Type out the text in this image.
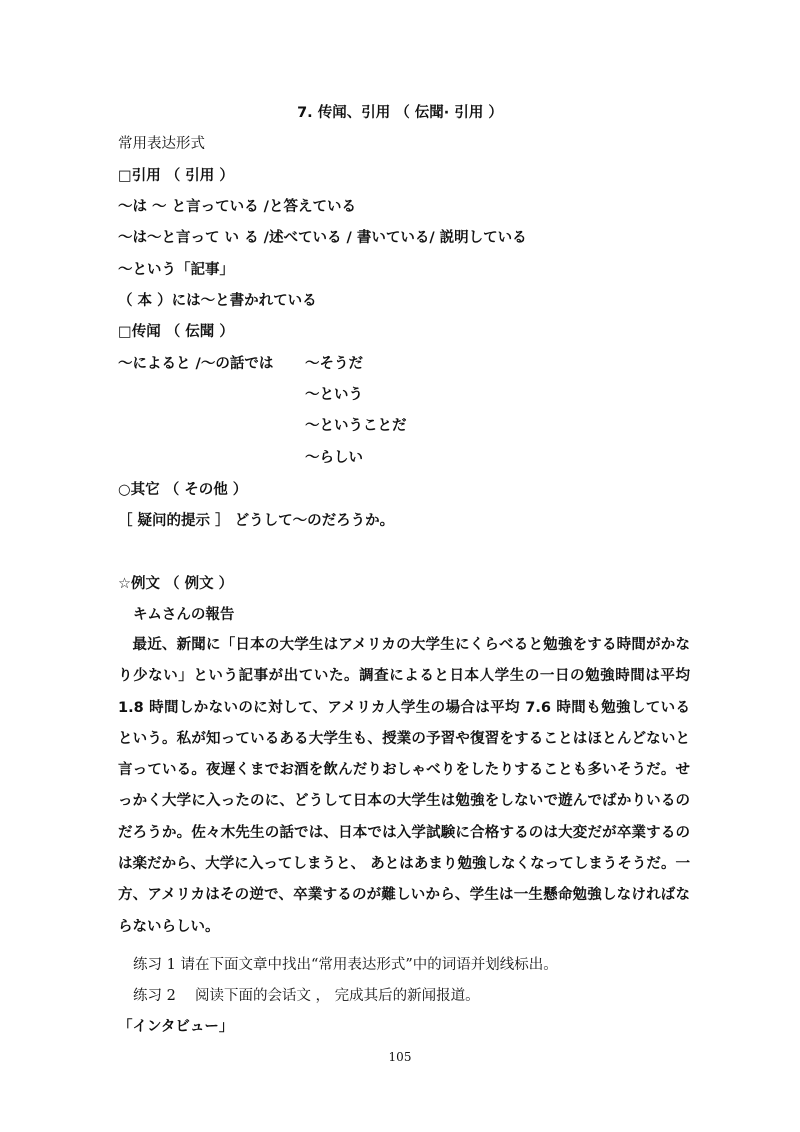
7. 传闻、引用 （ 伝聞· 引用 ）
常用表达形式
□引用 （ 引用 ）
〜は 〜 と言っている /と答えている
〜は〜と言って い る /述べている / 書いている/ 説明している
〜という「記事」
（ 本 ）には〜と書かれている
□传闻 （ 伝聞 ）
〜によると /〜の話では 〜そうだ
〜という
〜ということだ
〜らしい
○其它 （ その他 ）
［ 疑问的提示 ］ どうして〜のだろうか。
☆例文 （ 例文 ）
キムさんの報告

最近、新聞に「日本の大学生はアメリカの大学生にくらべると勉強をする時間がかなり少ない」という記事が出ていた。調査によると日本人学生の一日の勉強時間は平均 1.8 時間しかないのに対して、アメリカ人学生の場合は平均 7.6 時間も勉強しているという。私が知っているある大学生も、授業の予習や復習をすることはほとんどないと言っている。夜遅くまでお酒を飲んだりおしゃべりをしたりすることも多いそうだ。せっかく大学に入ったのに、どうして日本の大学生は勉強をしないで遊んでばかりいるのだろうか。佐々木先生の話では、日本では入学試験に合格するのは大変だが卒業するのは楽だから、大学に入ってしまうと、 あとはあまり勉強しなくなってしまうそうだ。一方、アメリカはその逆で、卒業するのが難しいから、学生は一生懸命勉強しなければならないらしい。

练习 1 请在下面文章中找出“常用表达形式”中的词语并划线标出。
练习 2　 阅读下面的会话文 ， 完成其后的新闻报道。
「インタビュー」
105
